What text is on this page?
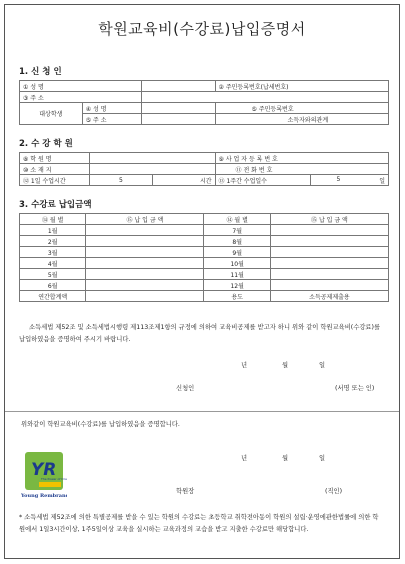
학원교육비(수강료)납입증명서
1. 신 청 인
① 성 명			② 주민등록번호(납세번호)
③ 주 소			
대상학생	④ 성 명		⑤ 주민등록번호
	⑤ 주 소		소득자와의관계
2. 수 강 학 원
⑧ 학 원 명			⑨ 사 업 자 등 록 번 호	
⑩ 소 재 지			⑪ 전 화 번 호	
⑫ 1일 수업시간	5	시간	⑬ 1주간 수업일수	5 일
3. 수강료 납입금액
⑭ 월 별	⑮ 납 입 금 액	⑭ 월 별	⑮ 납 입 금 액
1월		7월	
2월		8월	
3월		9월	
4월		10월	
5월		11월	
6월		12월	
연간합계액		용도	소득공제제출용
소득세법 제52조 및 소득세법시행령 제113조제1항의 규정에 의하여 교육비공제를 받고자 하니 위와 같이 학원교육비(수강료)를 납입하였음을 증명하여 주시기 바랍니다.
년	월	일
신청인	(서명 또는 인)
위와같이 학원교육비(수강료)를 납입하였음을 증명합니다.
YR
The Power of Dra
Young Rembran
년	월	일
학원장	(직인)
* 소득세법 제52조에 의한 특별공제를 받을 수 있는 학원의 수강료는 초등학교 취학전아동이 학원의 설립·운영에관한법률에 의한 학원에서 1일3시간이상, 1주5일이상 교육을 실시하는 교육과정의 교습을 받고 지출한 수강료만 해당합니다.
